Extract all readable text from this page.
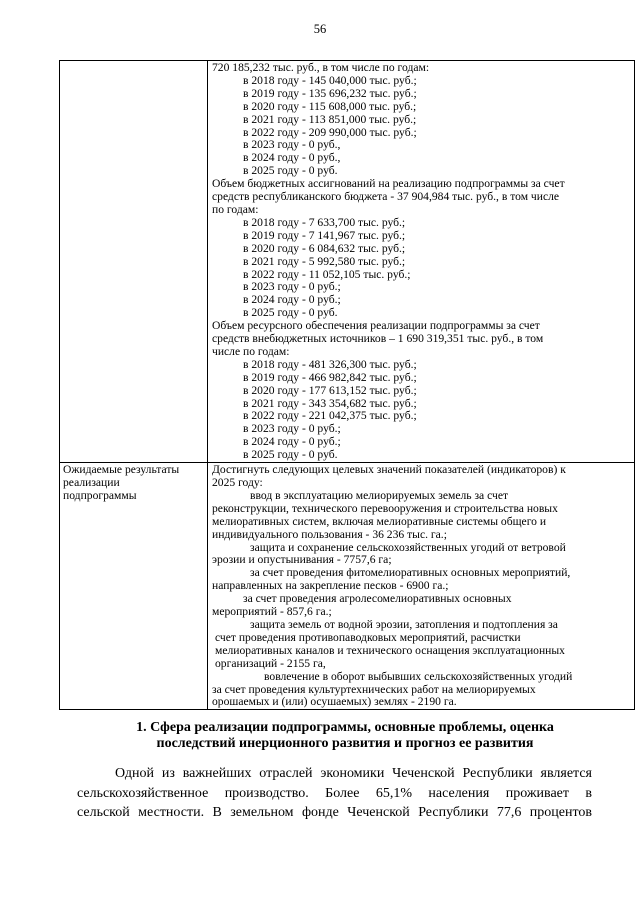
56
720 185,232 тыс. руб., в том числе по годам:
в 2018 году - 145 040,000 тыс. руб.;
в 2019 году - 135 696,232 тыс. руб.;
в 2020 году - 115 608,000 тыс. руб.;
в 2021 году - 113 851,000 тыс. руб.;
в 2022 году - 209 990,000 тыс. руб.;
в 2023 году - 0 руб.,
в 2024 году - 0 руб.,
в 2025 году - 0 руб.
Объем бюджетных ассигнований на реализацию подпрограммы за счет
средств республиканского бюджета - 37 904,984 тыс. руб., в том числе
по годам:
в 2018 году - 7 633,700 тыс. руб.;
в 2019 году - 7 141,967 тыс. руб.;
в 2020 году - 6 084,632 тыс. руб.;
в 2021 году - 5 992,580 тыс. руб.;
в 2022 году - 11 052,105 тыс. руб.;
в 2023 году - 0 руб.;
в 2024 году - 0 руб.;
в 2025 году - 0 руб.
Объем ресурсного обеспечения реализации подпрограммы за счет
средств внебюджетных источников – 1 690 319,351 тыс. руб., в том
числе по годам:
в 2018 году - 481 326,300 тыс. руб.;
в 2019 году - 466 982,842 тыс. руб.;
в 2020 году - 177 613,152 тыс. руб.;
в 2021 году - 343 354,682 тыс. руб.;
в 2022 году - 221 042,375 тыс. руб.;
в 2023 году - 0 руб.;
в 2024 году - 0 руб.;
в 2025 году - 0 руб.
Ожидаемые результаты
реализации
подпрограммы
Достигнуть следующих целевых значений показателей (индикаторов) к
2025 году:
ввод в эксплуатацию мелиорируемых земель за счет
реконструкции, технического перевооружения и строительства новых
мелиоративных систем, включая мелиоративные системы общего и
индивидуального пользования - 36 236 тыс. га.;
защита и сохранение сельскохозяйственных угодий от ветровой
эрозии и опустынивания - 7757,6 га;
за счет проведения фитомелиоративных основных мероприятий,
направленных на закрепление песков - 6900 га.;
за счет проведения агролесомелиоративных основных
мероприятий - 857,6 га.;
защита земель от водной эрозии, затопления и подтопления за
счет проведения противопаводковых мероприятий, расчистки
мелиоративных каналов и технического оснащения эксплуатационных
организаций - 2155 га,
вовлечение в оборот выбывших сельскохозяйственных угодий
за счет проведения культуртехнических работ на мелиорируемых
орошаемых и (или) осушаемых) землях - 2190 га.
1. Сфера реализации подпрограммы, основные проблемы, оценка
последствий инерционного развития и прогноз ее развития
Одной из важнейших отраслей экономики Чеченской Республики является
сельскохозяйственное производство. Более 65,1% населения проживает в
сельской местности. В земельном фонде Чеченской Республики 77,6 процентов
